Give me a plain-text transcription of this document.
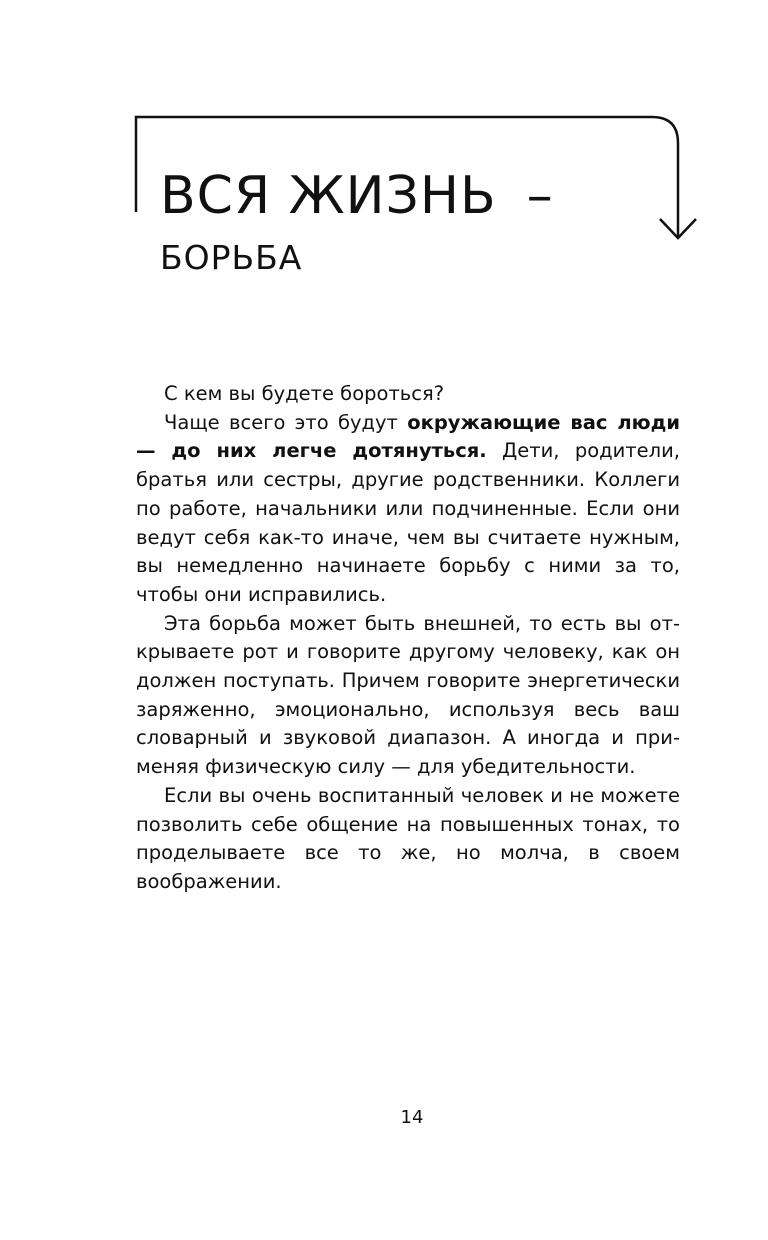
ВСЯ ЖИЗНЬ –
БОРЬБА

С кем вы будете бороться?

Чаще всего это будут окружающие вас люди — до них легче дотянуться. Дети, родители, братья или сестры, другие родственники. Коллеги по работе, начальники или подчиненные. Если они ведут себя как-то иначе, чем вы считаете нужным, вы немедленно начинаете борьбу с ними за то, чтобы они исправились.

Эта борьба может быть внешней, то есть вы открываете рот и говорите другому человеку, как он должен поступать. Причем говорите энергетически заряженно, эмоционально, используя весь ваш словарный и звуковой диапазон. А иногда и применяя физическую силу — для убедительности.

Если вы очень воспитанный человек и не можете позволить себе общение на повышенных тонах, то проделываете все то же, но молча, в своем воображении.

14
